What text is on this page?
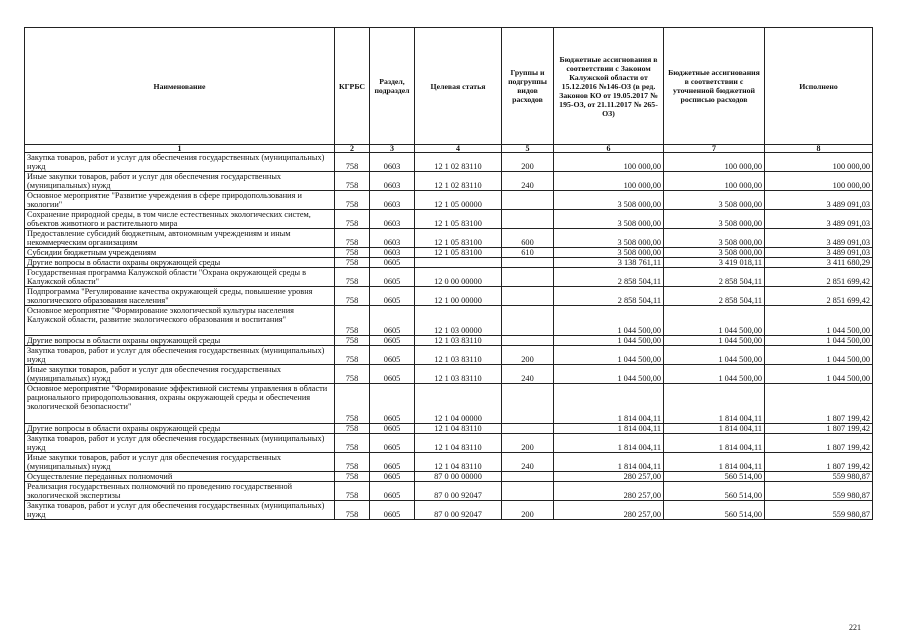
Наименование	КГРБС	Раздел, подраздел	Целевая статья	Группы и подгруппы видов расходов	Бюджетные ассигнования в соответствии с Законом Калужской области от 15.12.2016 №146-ОЗ (в ред. Законов КО от 19.05.2017 № 195-ОЗ, от 21.11.2017 № 265-ОЗ)	Бюджетные ассигнования в соответствии с уточненной бюджетной росписью расходов	Исполнено
1	2	3	4	5	6	7	8
Закупка товаров, работ и услуг для обеспечения государственных (муниципальных) нужд	758	0603	12 1 02 83110	200	100 000,00	100 000,00	100 000,00
Иные закупки товаров, работ и услуг для обеспечения государственных (муниципальных) нужд	758	0603	12 1 02 83110	240	100 000,00	100 000,00	100 000,00
Основное мероприятие "Развитие учреждения в сфере природопользования и экологии"	758	0603	12 1 05 00000		3 508 000,00	3 508 000,00	3 489 091,03
Сохранение природной среды, в том числе естественных экологических систем, объектов животного и растительного мира	758	0603	12 1 05 83100		3 508 000,00	3 508 000,00	3 489 091,03
Предоставление субсидий бюджетным, автономным учреждениям и иным некоммерческим организациям	758	0603	12 1 05 83100	600	3 508 000,00	3 508 000,00	3 489 091,03
Субсидии бюджетным учреждениям	758	0603	12 1 05 83100	610	3 508 000,00	3 508 000,00	3 489 091,03
Другие вопросы в области охраны окружающей среды	758	0605			3 138 761,11	3 419 018,11	3 411 680,29
Государственная программа Калужской области "Охрана окружающей среды в Калужской области"	758	0605	12 0 00 00000		2 858 504,11	2 858 504,11	2 851 699,42
Подпрограмма "Регулирование качества окружающей среды, повышение уровня экологического образования населения"	758	0605	12 1 00 00000		2 858 504,11	2 858 504,11	2 851 699,42
Основное мероприятие "Формирование экологической культуры населения Калужской области, развитие экологического образования и воспитания"	758	0605	12 1 03 00000		1 044 500,00	1 044 500,00	1 044 500,00
Другие вопросы в области охраны окружающей среды	758	0605	12 1 03 83110		1 044 500,00	1 044 500,00	1 044 500,00
Закупка товаров, работ и услуг для обеспечения государственных (муниципальных) нужд	758	0605	12 1 03 83110	200	1 044 500,00	1 044 500,00	1 044 500,00
Иные закупки товаров, работ и услуг для обеспечения государственных (муниципальных) нужд	758	0605	12 1 03 83110	240	1 044 500,00	1 044 500,00	1 044 500,00
Основное мероприятие "Формирование эффективной системы управления в области рационального природопользования, охраны окружающей среды и обеспечения экологической безопасности"	758	0605	12 1 04 00000		1 814 004,11	1 814 004,11	1 807 199,42
Другие вопросы в области охраны окружающей среды	758	0605	12 1 04 83110		1 814 004,11	1 814 004,11	1 807 199,42
Закупка товаров, работ и услуг для обеспечения государственных (муниципальных) нужд	758	0605	12 1 04 83110	200	1 814 004,11	1 814 004,11	1 807 199,42
Иные закупки товаров, работ и услуг для обеспечения государственных (муниципальных) нужд	758	0605	12 1 04 83110	240	1 814 004,11	1 814 004,11	1 807 199,42
Осуществление переданных полномочий	758	0605	87 0 00 00000		280 257,00	560 514,00	559 980,87
Реализация государственных полномочий по проведению государственной экологической экспертизы	758	0605	87 0 00 92047		280 257,00	560 514,00	559 980,87
Закупка товаров, работ и услуг для обеспечения государственных (муниципальных) нужд	758	0605	87 0 00 92047	200	280 257,00	560 514,00	559 980,87
221
